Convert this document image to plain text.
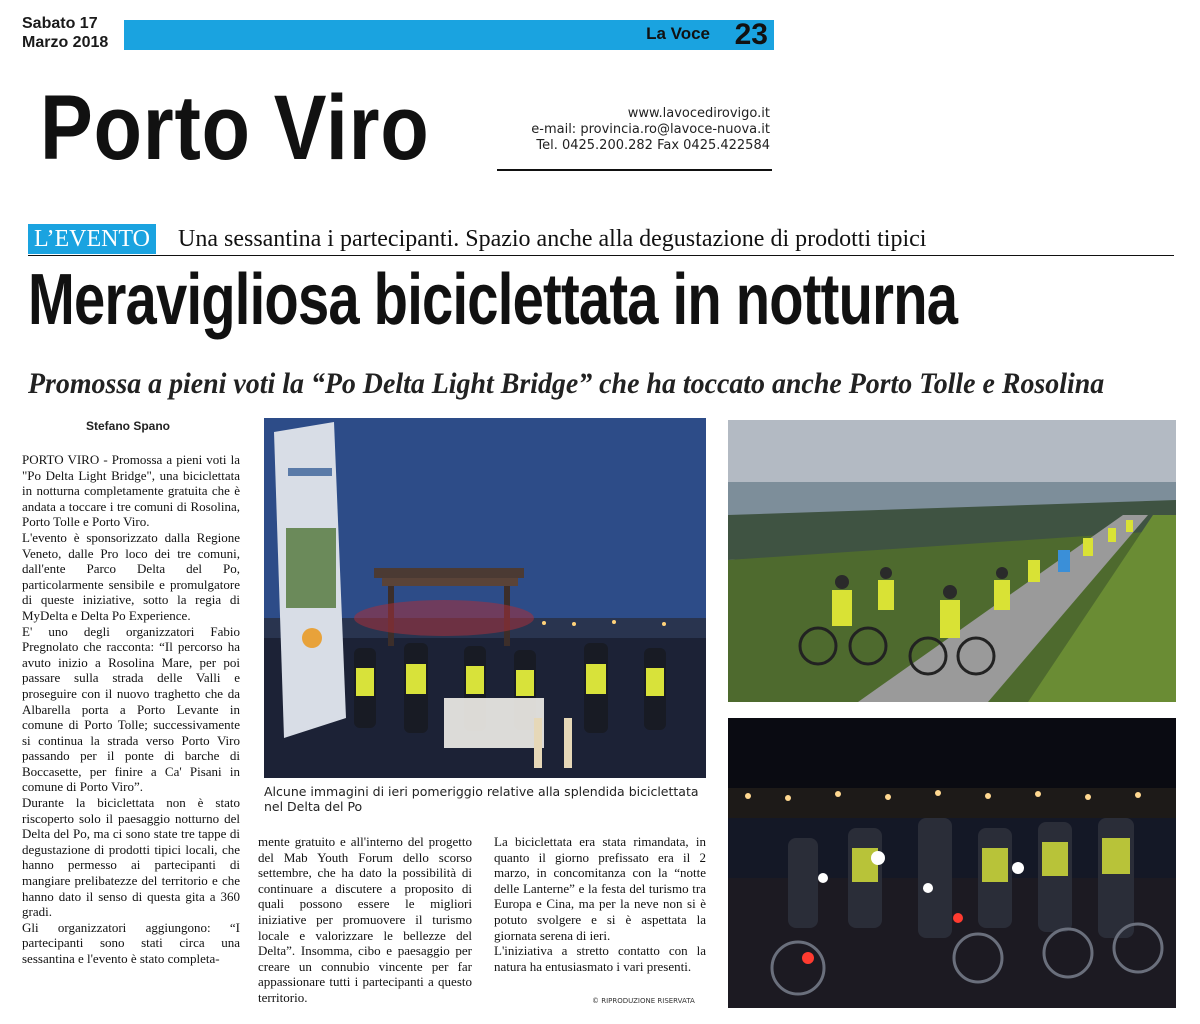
Sabato 17
Marzo 2018	La Voce 23
Porto Viro	www.lavocedirovigo.it
e-mail: provincia.ro@lavoce-nuova.it
Tel. 0425.200.282 Fax 0425.422584
L’EVENTO Una sessantina i partecipanti. Spazio anche alla degustazione di prodotti tipici
Meravigliosa biciclettata in notturna
Promossa a pieni voti la “Po Delta Light Bridge” che ha toccato anche Porto Tolle e Rosolina
Stefano Spano

PORTO VIRO - Promossa a pieni voti la "Po Delta Light Bridge", una biciclettata in notturna completamente gratuita che è andata a toccare i tre comuni di Rosolina, Porto Tolle e Porto Viro.

L'evento è sponsorizzato dalla Regione Veneto, dalle Pro loco dei tre comuni, dall'ente Parco Delta del Po, particolarmente sensibile e promulgatore di queste iniziative, sotto la regia di MyDelta e Delta Po Experience.

E' uno degli organizzatori Fabio Pregnolato che racconta: “Il percorso ha avuto inizio a Rosolina Mare, per poi passare sulla strada delle Valli e proseguire con il nuovo traghetto che da Albarella porta a Porto Levante in comune di Porto Tolle; successivamente si continua la strada verso Porto Viro passando per il ponte di barche di Boccasette, per finire a Ca' Pisani in comune di Porto Viro”.

Durante la biciclettata non è stato riscoperto solo il paesaggio notturno del Delta del Po, ma ci sono state tre tappe di degustazione di prodotti tipici locali, che hanno permesso ai partecipanti di mangiare prelibatezze del territorio e che hanno dato il senso di questa gita a 360 gradi.

Gli organizzatori aggiungono: “I partecipanti sono stati circa una sessantina e l'evento è stato completa-

Alcune immagini di ieri pomeriggio relative alla splendida biciclettata nel Delta del Po

mente gratuito e all'interno del progetto del Mab Youth Forum dello scorso settembre, che ha dato la possibilità di continuare a discutere a proposito di quali possono essere le migliori iniziative per promuovere il turismo locale e valorizzare le bellezze del Delta”. Insomma, cibo e paesaggio per creare un connubio vincente per far appassionare tutti i partecipanti a questo territorio.

La biciclettata era stata rimandata, in quanto il giorno prefissato era il 2 marzo, in concomitanza con la “notte delle Lanterne” e la festa del turismo tra Europa e Cina, ma per la neve non si è potuto svolgere e si è aspettata la giornata serena di ieri.

L'iniziativa a stretto contatto con la natura ha entusiasmato i vari presenti.

© RIPRODUZIONE RISERVATA
